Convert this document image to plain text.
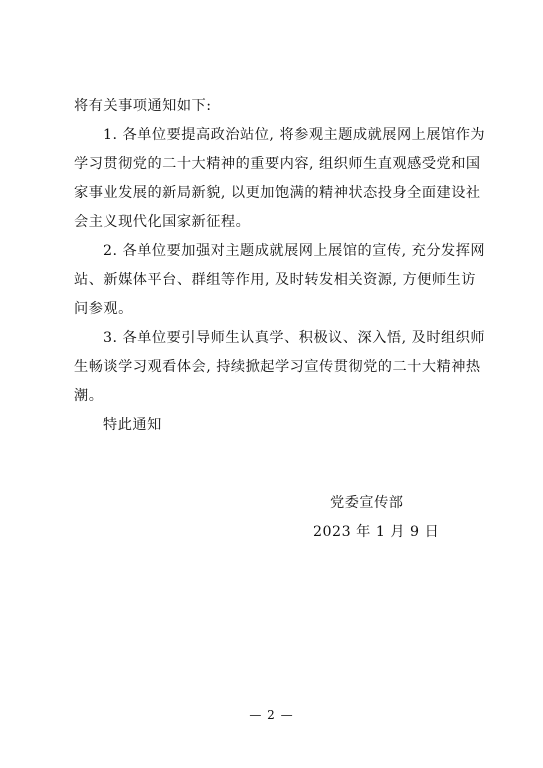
将有关事项通知如下:
1. 各单位要提高政治站位, 将参观主题成就展网上展馆作为
学习贯彻党的二十大精神的重要内容, 组织师生直观感受党和国
家事业发展的新局新貌, 以更加饱满的精神状态投身全面建设社
会主义现代化国家新征程。
2. 各单位要加强对主题成就展网上展馆的宣传, 充分发挥网
站、新媒体平台、群组等作用, 及时转发相关资源, 方便师生访
问参观。
3. 各单位要引导师生认真学、积极议、深入悟, 及时组织师
生畅谈学习观看体会, 持续掀起学习宣传贯彻党的二十大精神热
潮。
特此通知
党委宣传部
2023 年 1 月 9 日
— 2 —
